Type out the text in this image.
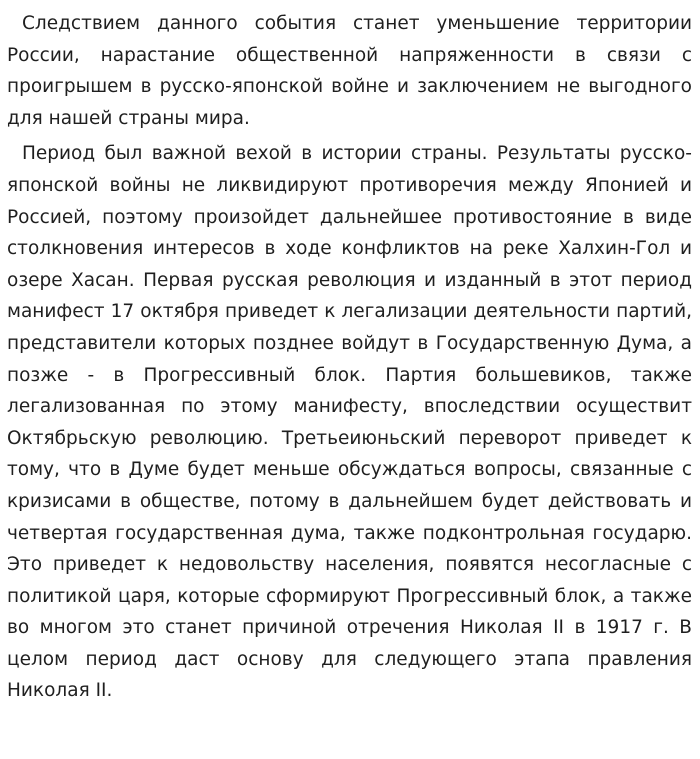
Следствием данного события станет уменьшение территории России, нарастание общественной напряженности в связи с проигрышем в русско-японской войне и заключением не выгодного для нашей страны мира.

Период был важной вехой в истории страны. Результаты русско-японской войны не ликвидируют противоречия между Японией и Россией, поэтому произойдет дальнейшее противостояние в виде столкновения интересов в ходе конфликтов на реке Халхин-Гол и озере Хасан. Первая русская революция и изданный в этот период манифест 17 октября приведет к легализации деятельности партий, представители которых позднее войдут в Государственную Дума, а позже - в Прогрессивный блок. Партия большевиков, также легализованная по этому манифесту, впоследствии осуществит Октябрьскую революцию. Третьеиюньский переворот приведет к тому, что в Думе будет меньше обсуждаться вопросы, связанные с кризисами в обществе, потому в дальнейшем будет действовать и четвертая государственная дума, также подконтрольная государю. Это приведет к недовольству населения, появятся несогласные с политикой царя, которые сформируют Прогрессивный блок, а также во многом это станет причиной отречения Николая II в 1917 г. В целом период даст основу для следующего этапа правления Николая II.
